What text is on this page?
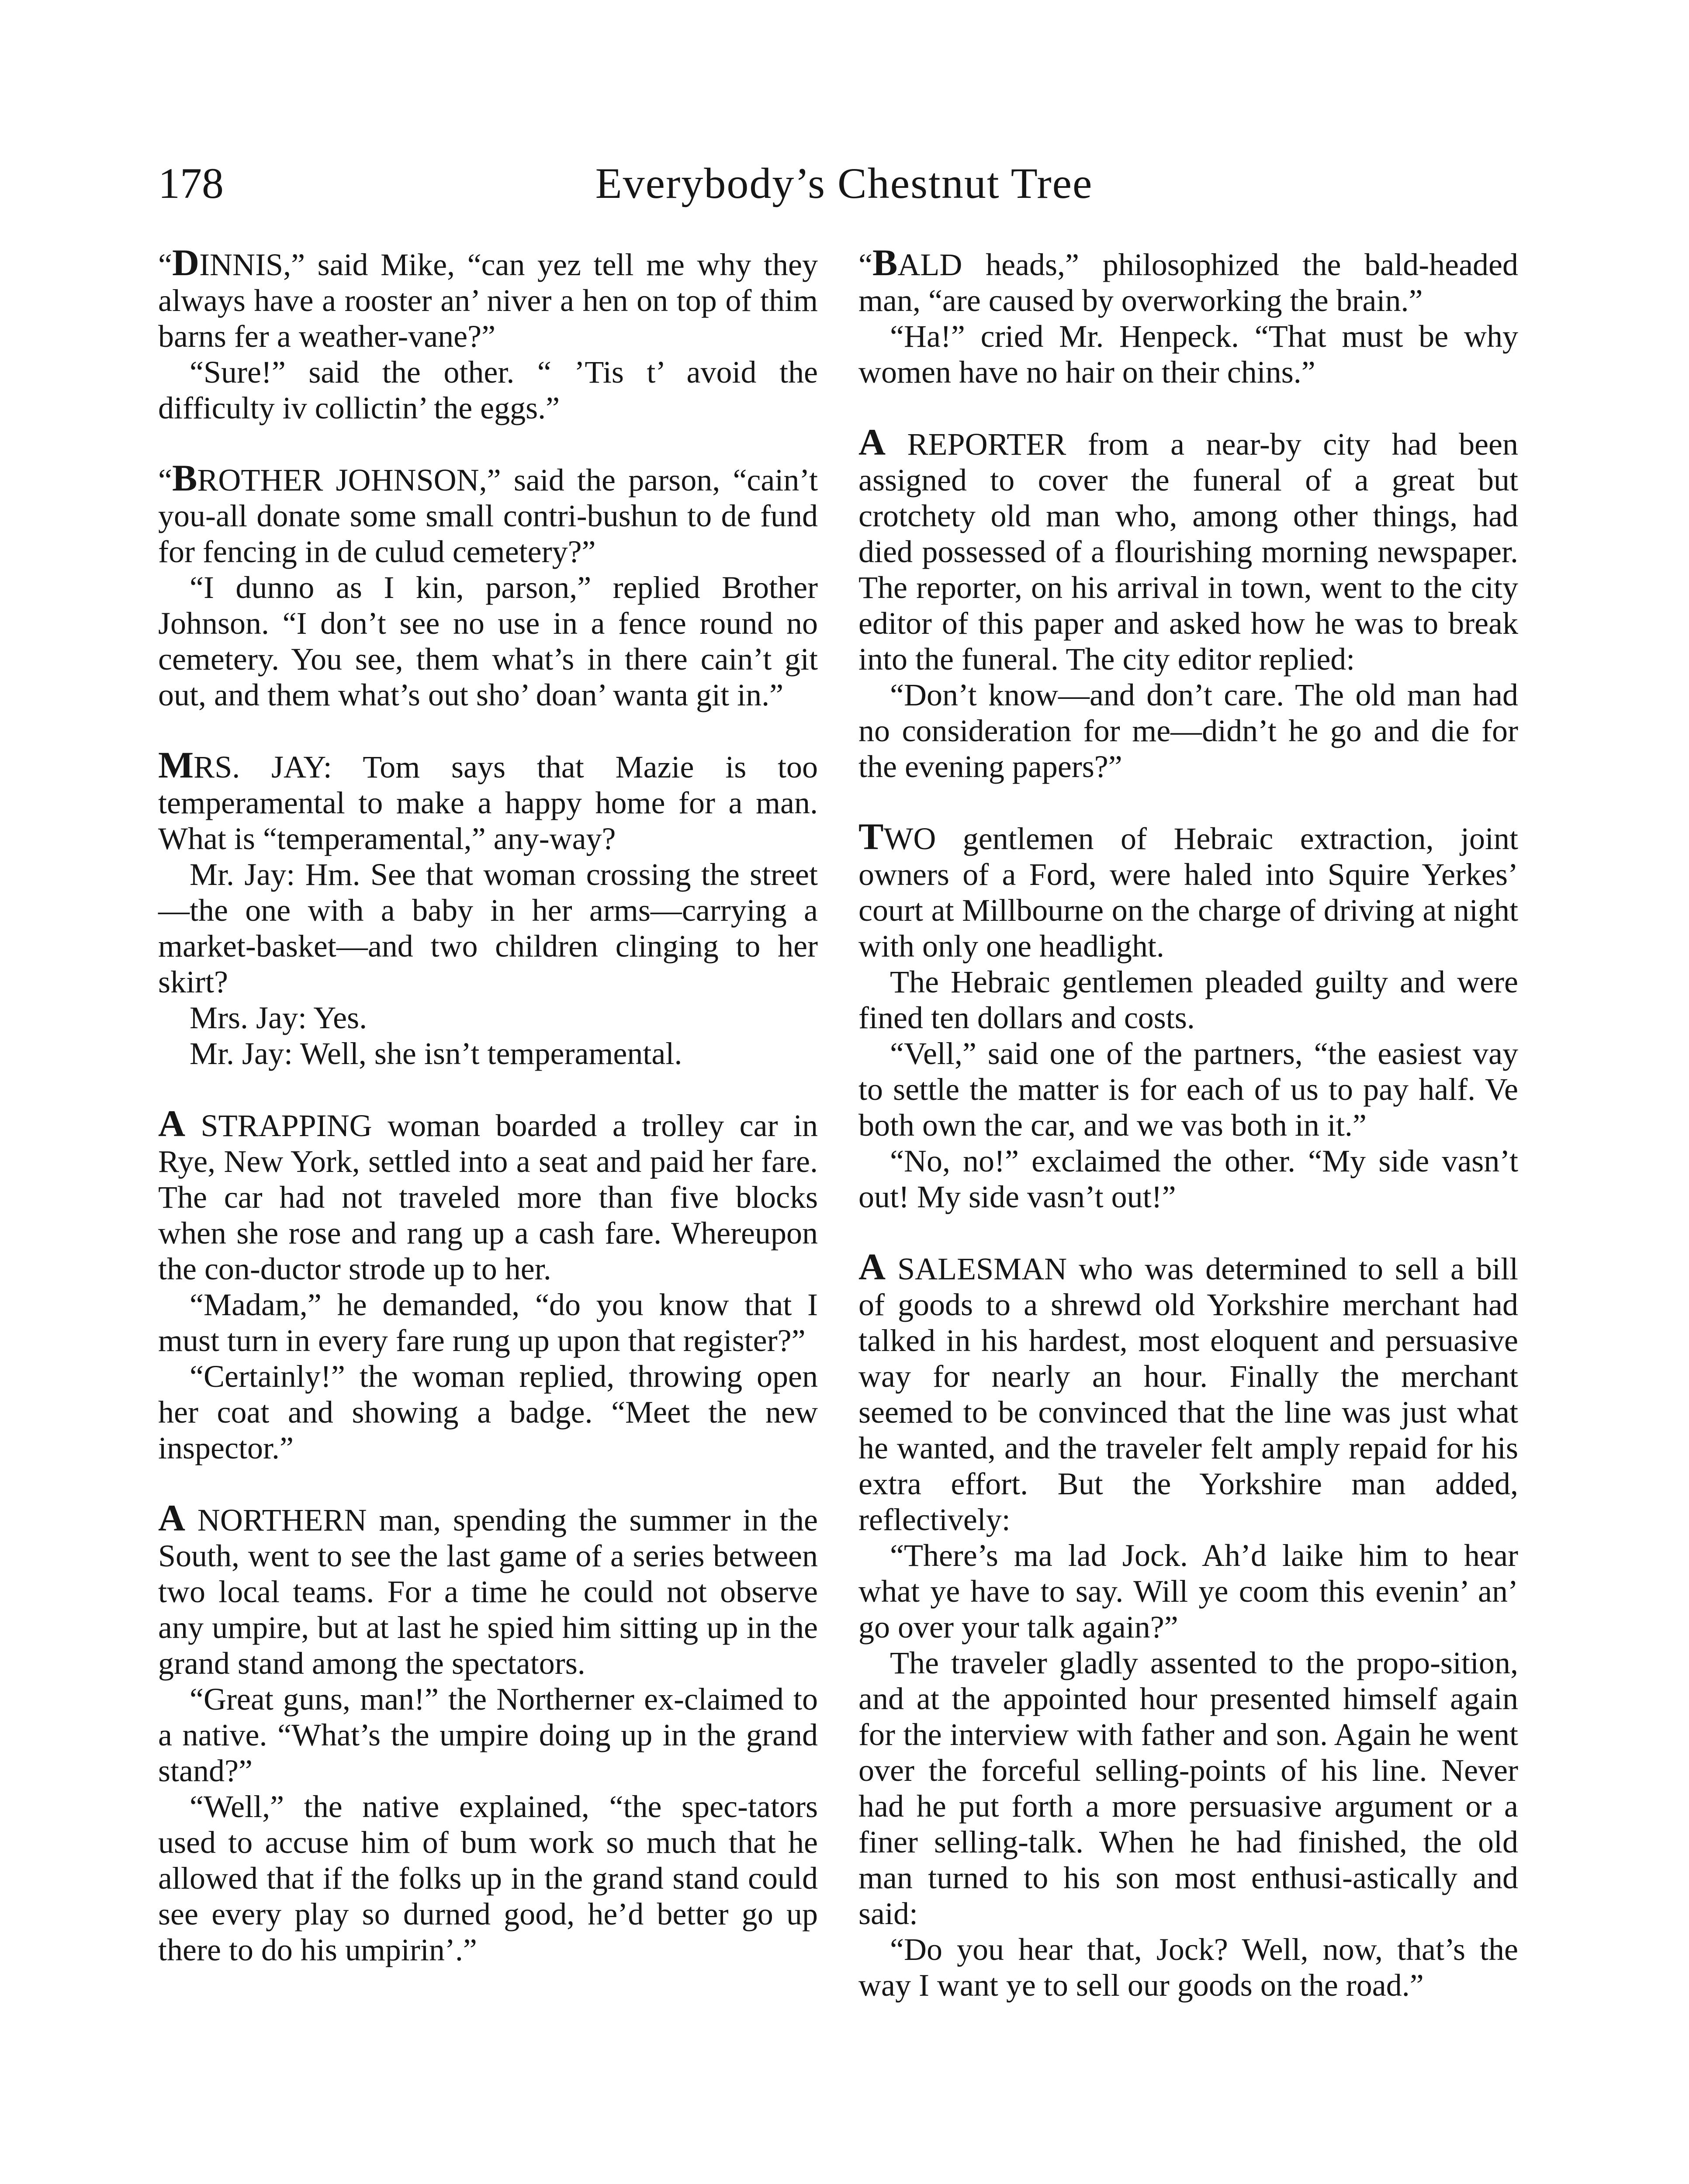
178	Everybody’s Chestnut Tree

“DINNIS,” said Mike, “can yez tell me why they always have a rooster an’ niver a hen on top of thim barns fer a weather-vane?”

“Sure!” said the other. “ ’Tis t’ avoid the difficulty iv collictin’ the eggs.”

“BROTHER JOHNSON,” said the parson, “cain’t you-all donate some small contri-bushun to de fund for fencing in de culud cemetery?”

“I dunno as I kin, parson,” replied Brother Johnson. “I don’t see no use in a fence round no cemetery. You see, them what’s in there cain’t git out, and them what’s out sho’ doan’ wanta git in.”

MRS. JAY: Tom says that Mazie is too temperamental to make a happy home for a man. What is “temperamental,” any-way?

Mr. Jay: Hm. See that woman crossing the street—the one with a baby in her arms—carrying a market-basket—and two children clinging to her skirt?

Mrs. Jay: Yes.

Mr. Jay: Well, she isn’t temperamental.

A STRAPPING woman boarded a trolley car in Rye, New York, settled into a seat and paid her fare. The car had not traveled more than five blocks when she rose and rang up a cash fare. Whereupon the con-ductor strode up to her.

“Madam,” he demanded, “do you know that I must turn in every fare rung up upon that register?”

“Certainly!” the woman replied, throwing open her coat and showing a badge. “Meet the new inspector.”

A NORTHERN man, spending the summer in the South, went to see the last game of a series between two local teams. For a time he could not observe any umpire, but at last he spied him sitting up in the grand stand among the spectators.

“Great guns, man!” the Northerner ex-claimed to a native. “What’s the umpire doing up in the grand stand?”

“Well,” the native explained, “the spec-tators used to accuse him of bum work so much that he allowed that if the folks up in the grand stand could see every play so durned good, he’d better go up there to do his umpirin’.”

“BALD heads,” philosophized the bald-headed man, “are caused by overworking the brain.”

“Ha!” cried Mr. Henpeck. “That must be why women have no hair on their chins.”

A REPORTER from a near-by city had been assigned to cover the funeral of a great but crotchety old man who, among other things, had died possessed of a flourishing morning newspaper. The reporter, on his arrival in town, went to the city editor of this paper and asked how he was to break into the funeral. The city editor replied:

“Don’t know—and don’t care. The old man had no consideration for me—didn’t he go and die for the evening papers?”

TWO gentlemen of Hebraic extraction, joint owners of a Ford, were haled into Squire Yerkes’ court at Millbourne on the charge of driving at night with only one headlight.

The Hebraic gentlemen pleaded guilty and were fined ten dollars and costs.

“Vell,” said one of the partners, “the easiest vay to settle the matter is for each of us to pay half. Ve both own the car, and we vas both in it.”

“No, no!” exclaimed the other. “My side vasn’t out! My side vasn’t out!”

A SALESMAN who was determined to sell a bill of goods to a shrewd old Yorkshire merchant had talked in his hardest, most eloquent and persuasive way for nearly an hour. Finally the merchant seemed to be convinced that the line was just what he wanted, and the traveler felt amply repaid for his extra effort. But the Yorkshire man added, reflectively:

“There’s ma lad Jock. Ah’d laike him to hear what ye have to say. Will ye coom this evenin’ an’ go over your talk again?”

The traveler gladly assented to the propo-sition, and at the appointed hour presented himself again for the interview with father and son. Again he went over the forceful selling-points of his line. Never had he put forth a more persuasive argument or a finer selling-talk. When he had finished, the old man turned to his son most enthusi-astically and said:

“Do you hear that, Jock? Well, now, that’s the way I want ye to sell our goods on the road.”
